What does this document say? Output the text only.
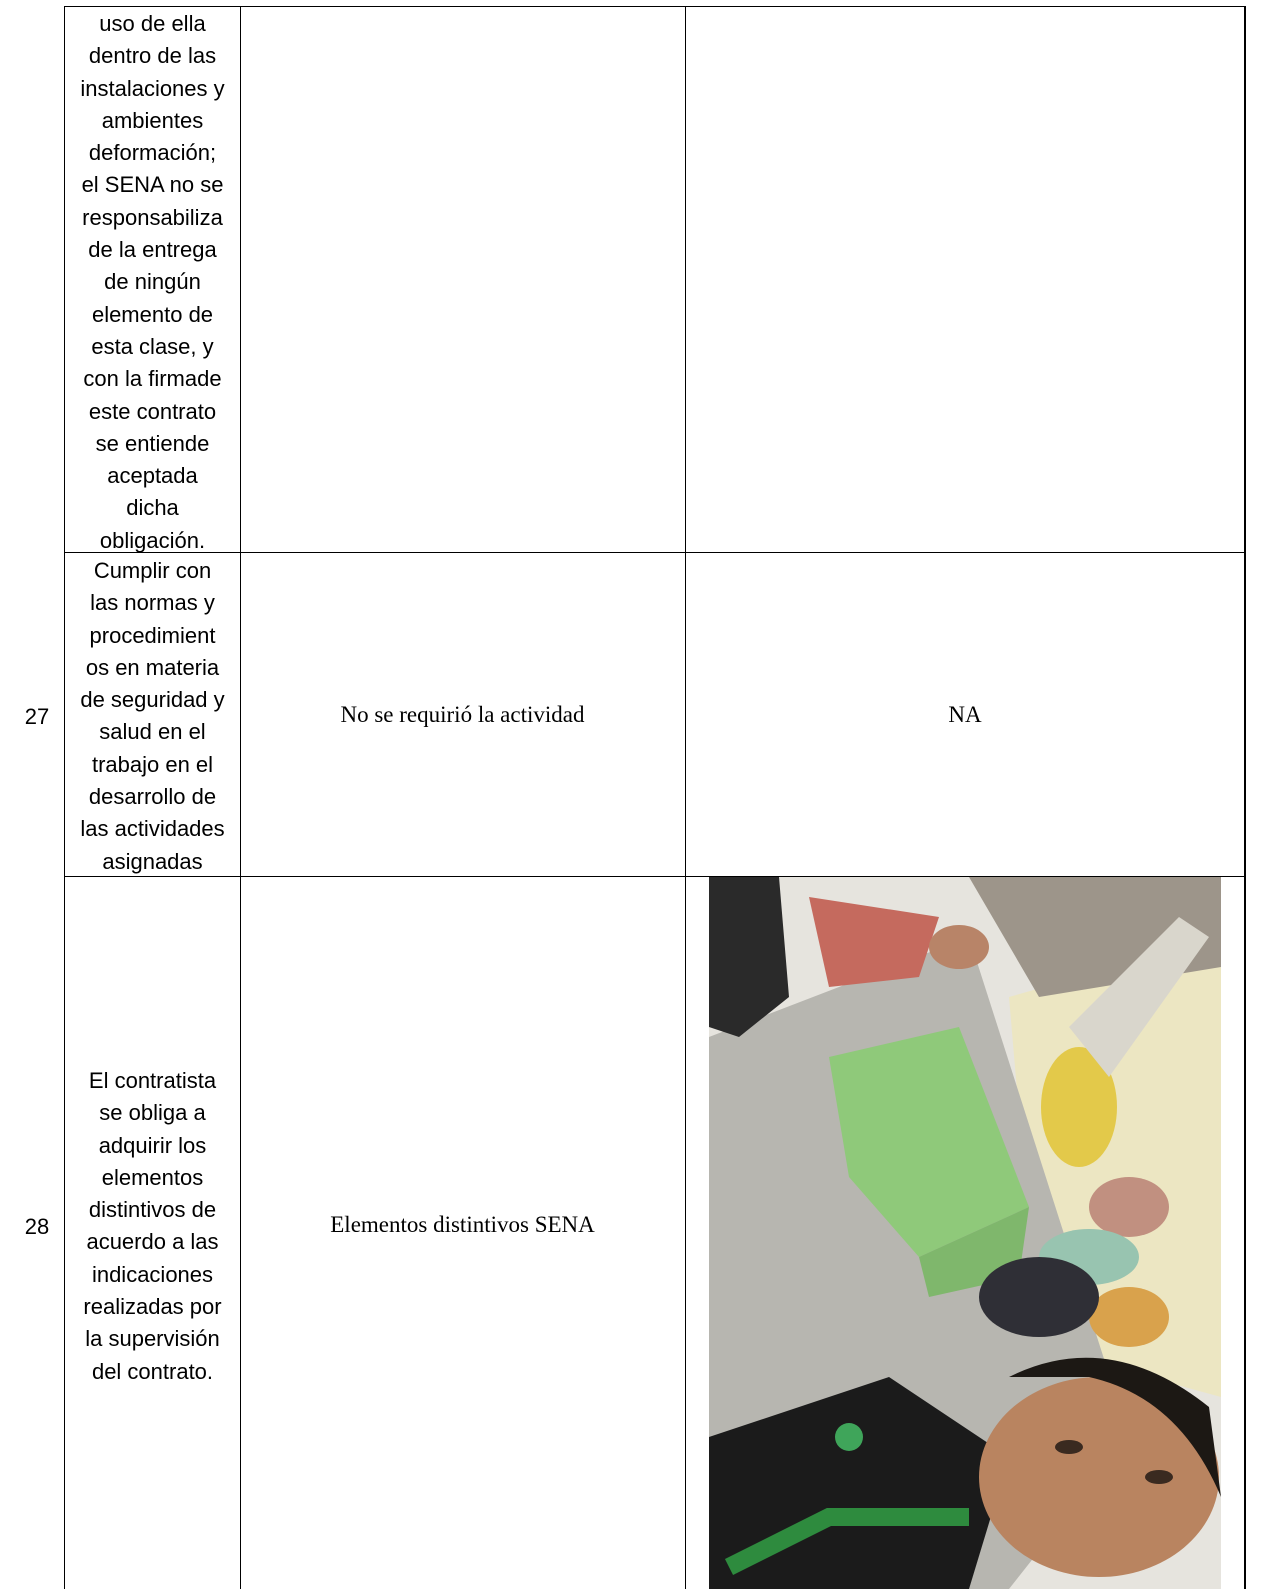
uso de ella
dentro de las
instalaciones y
ambientes
deformación;
el SENA no se
responsabiliza
de la entrega
de ningún
elemento de
esta clase, y
con la firmade
este contrato
se entiende
aceptada
dicha
obligación.
27
Cumplir con
las normas y
procedimient
os en materia
de seguridad y
salud en el
trabajo en el
desarrollo de
las actividades
asignadas
No se requirió la actividad	NA
28
El contratista
se obliga a
adquirir los
elementos
distintivos de
acuerdo a las
indicaciones
realizadas por
la supervisión
del contrato.
Elementos distintivos SENA
